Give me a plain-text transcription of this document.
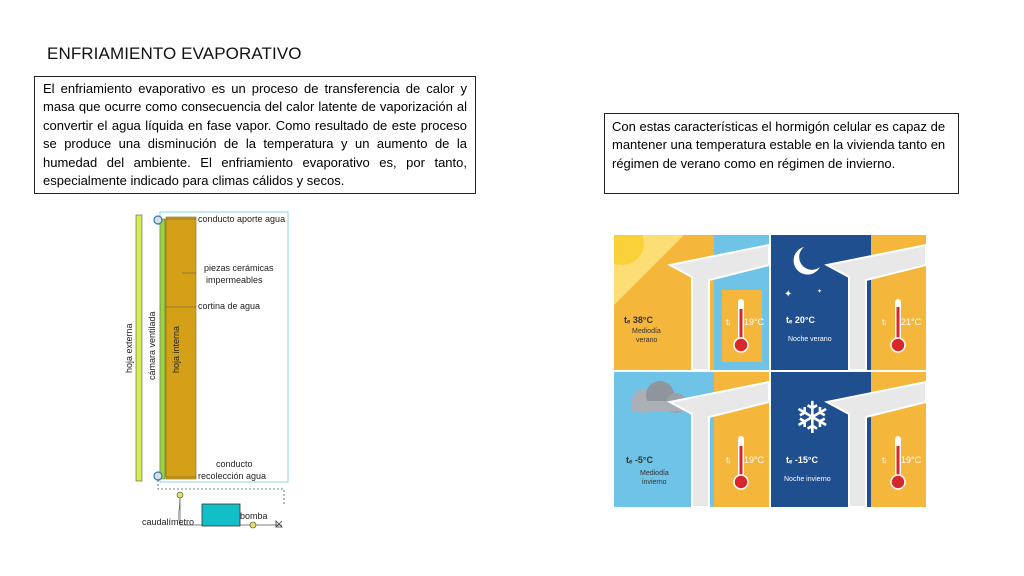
ENFRIAMIENTO EVAPORATIVO
El enfriamiento evaporativo es un proceso de transferencia de calor y masa que ocurre como consecuencia del calor latente de vaporización al convertir el agua líquida en fase vapor. Como resultado de este proceso se produce una disminución de la temperatura y un aumento de la humedad del ambiente. El enfriamiento evaporativo es, por tanto, especialmente indicado para climas cálidos y secos.
Con estas características el hormigón celular es capaz de mantener una temperatura estable en la vivienda tanto en régimen de verano como en régimen de invierno.
conducto aporte agua
piezas cerámicas
impermeables
cortina de agua
conducto
recolección agua
hoja externa cámara ventilada hoja interna
bomba
caudalímetro
tₑ 38°C
Mediodía
verano
tᵢ 19°C
✦	✦
tₑ 20°C
Noche verano
tᵢ 21°C
tₑ -5°C
Mediodía
invierno
tᵢ 19°C
❄
tₑ -15°C
Noche invierno
tᵢ 19°C
